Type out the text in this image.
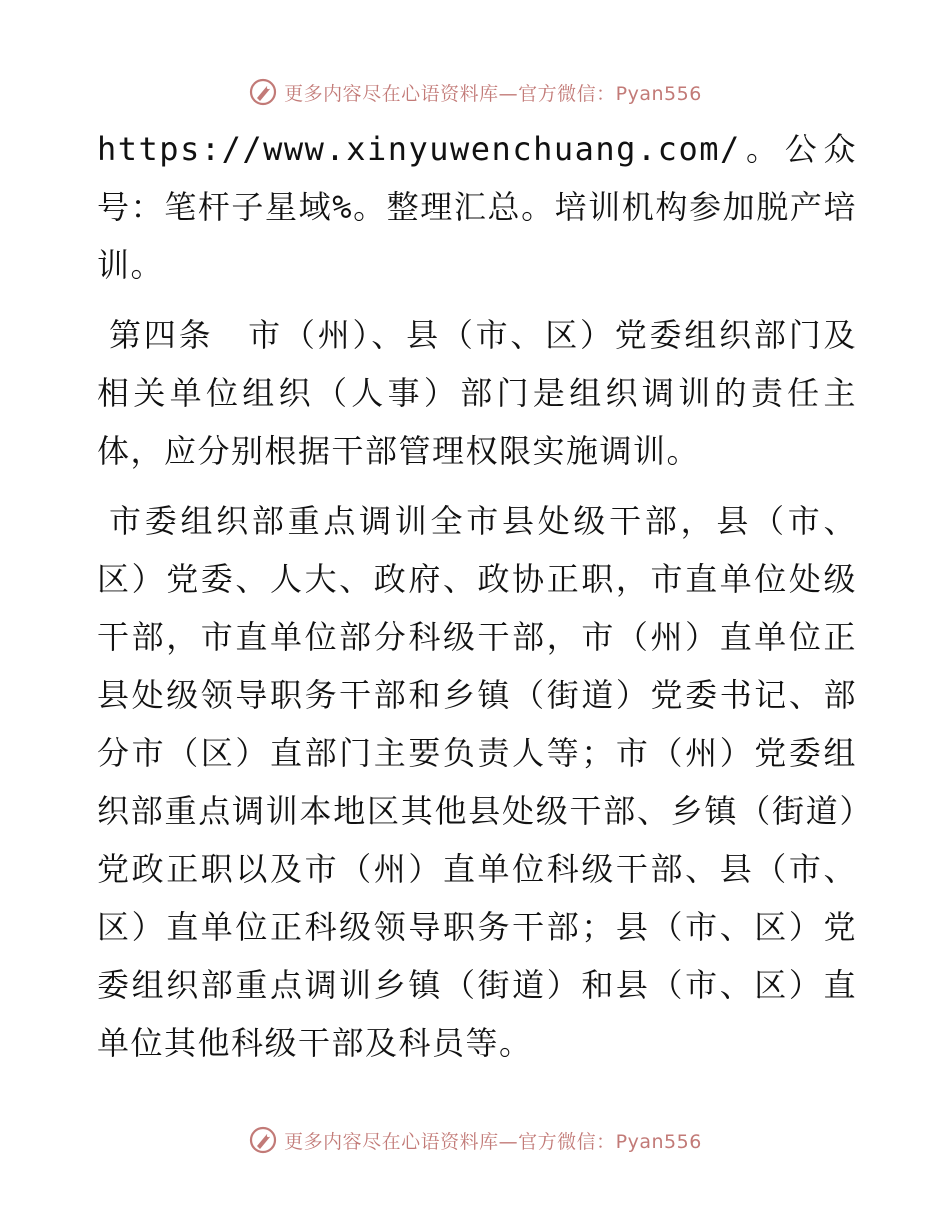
更多内容尽在心语资料库—官方微信：Pyan556

https://www.xinyuwenchuang.com/。公众号：笔杆子星域%。整理汇总。培训机构参加脱产培训。

第四条　市（州）、县（市、区）党委组织部门及相关单位组织（人事）部门是组织调训的责任主体，应分别根据干部管理权限实施调训。

市委组织部重点调训全市县处级干部，县（市、区）党委、人大、政府、政协正职，市直单位处级干部，市直单位部分科级干部，市（州）直单位正县处级领导职务干部和乡镇（街道）党委书记、部分市（区）直部门主要负责人等；市（州）党委组织部重点调训本地区其他县处级干部、乡镇（街道）党政正职以及市（州）直单位科级干部、县（市、区）直单位正科级领导职务干部；县（市、区）党委组织部重点调训乡镇（街道）和县（市、区）直单位其他科级干部及科员等。

更多内容尽在心语资料库—官方微信：Pyan556
